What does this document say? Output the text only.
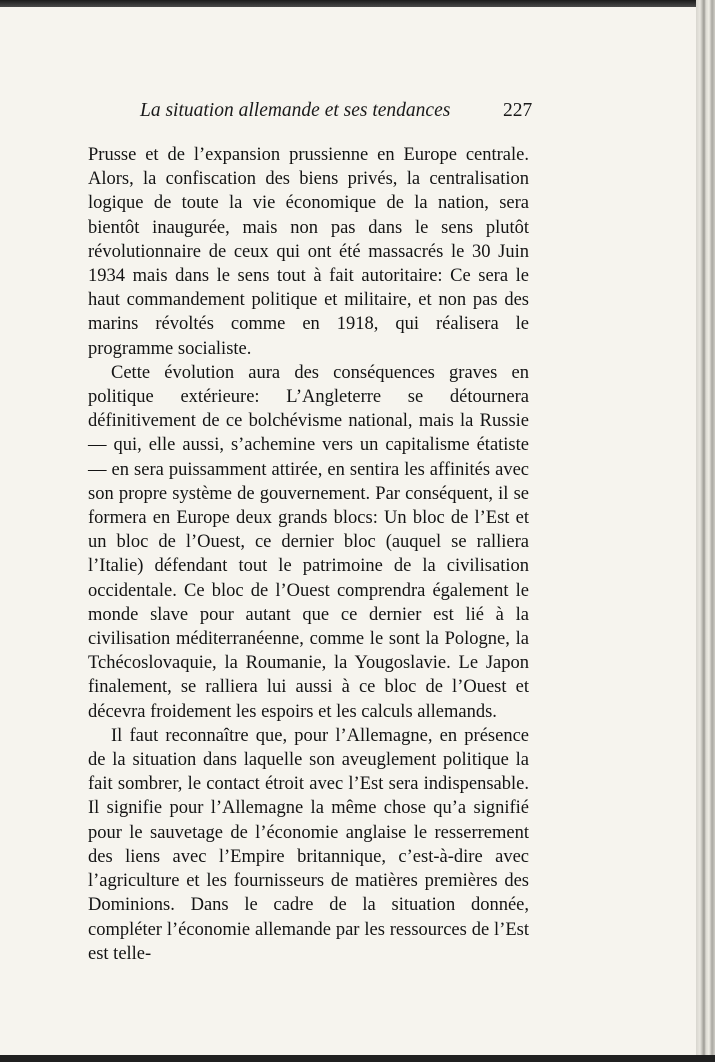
La situation allemande et ses tendances	227

Prusse et de l’expansion prussienne en Europe centrale. Alors, la confiscation des biens privés, la centralisation logique de toute la vie économique de la nation, sera bientôt inaugurée, mais non pas dans le sens plutôt révolutionnaire de ceux qui ont été massacrés le 30 Juin 1934 mais dans le sens tout à fait autoritaire: Ce sera le haut commandement politique et militaire, et non pas des marins révoltés comme en 1918, qui réalisera le programme socialiste.

Cette évolution aura des conséquences graves en politique extérieure: L’Angleterre se détournera définitivement de ce bolchévisme national, mais la Russie — qui, elle aussi, s’achemine vers un capitalisme étatiste — en sera puissamment attirée, en sentira les affinités avec son propre système de gouvernement. Par conséquent, il se formera en Europe deux grands blocs: Un bloc de l’Est et un bloc de l’Ouest, ce dernier bloc (auquel se ralliera l’Italie) défendant tout le patrimoine de la civilisation occidentale. Ce bloc de l’Ouest comprendra également le monde slave pour autant que ce dernier est lié à la civilisation méditerranéenne, comme le sont la Pologne, la Tchécoslovaquie, la Roumanie, la Yougoslavie. Le Japon finalement, se ralliera lui aussi à ce bloc de l’Ouest et décevra froidement les espoirs et les calculs allemands.

Il faut reconnaître que, pour l’Allemagne, en présence de la situation dans laquelle son aveuglement politique la fait sombrer, le contact étroit avec l’Est sera indispensable. Il signifie pour l’Allemagne la même chose qu’a signifié pour le sauvetage de l’économie anglaise le resserrement des liens avec l’Empire britannique, c’est-à-dire avec l’agriculture et les fournisseurs de matières premières des Dominions. Dans le cadre de la situation donnée, compléter l’économie allemande par les ressources de l’Est est telle-
